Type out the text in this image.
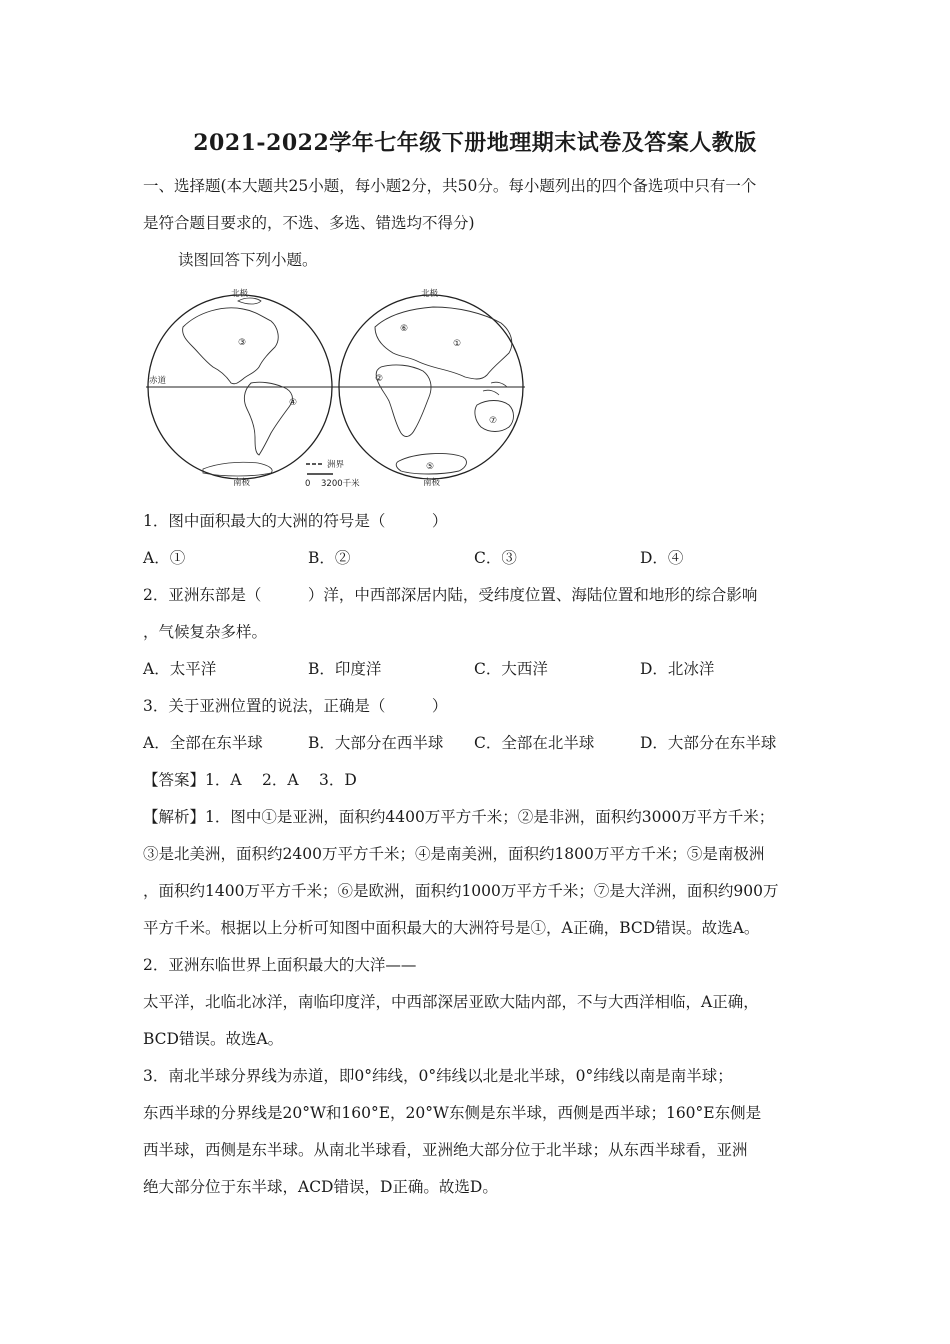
2021-2022学年七年级下册地理期末试卷及答案人教版
一、选择题(本大题共25小题，每小题2分，共50分。每小题列出的四个备选项中只有一个
是符合题目要求的，不选、多选、错选均不得分)
读图回答下列小题。
北极	北极
南极	南极
赤道
①
②
③
④
⑤
⑥
⑦
洲界
0 3200千米
1．图中面积最大的大洲的符号是（　　　）
A．①	B．②	C．③	D．④
2．亚洲东部是（　　　）洋，中西部深居内陆，受纬度位置、海陆位置和地形的综合影响
，气候复杂多样。
A．太平洋	B．印度洋	C．大西洋	D．北冰洋
3．关于亚洲位置的说法，正确是（　　　）
A．全部在东半球	B．大部分在西半球 C．全部在北半球	D．大部分在东半球
【答案】1．A　 2．A　 3．D
【解析】1．图中①是亚洲，面积约4400万平方千米；②是非洲，面积约3000万平方千米；
③是北美洲，面积约2400万平方千米；④是南美洲，面积约1800万平方千米；⑤是南极洲
，面积约1400万平方千米；⑥是欧洲，面积约1000万平方千米；⑦是大洋洲，面积约900万
平方千米。根据以上分析可知图中面积最大的大洲符号是①，A正确，BCD错误。故选A。
2．亚洲东临世界上面积最大的大洋——
太平洋，北临北冰洋，南临印度洋，中西部深居亚欧大陆内部，不与大西洋相临，A正确，
BCD错误。故选A。
3．南北半球分界线为赤道，即0°纬线，0°纬线以北是北半球，0°纬线以南是南半球；
东西半球的分界线是20°W和160°E，20°W东侧是东半球，西侧是西半球；160°E东侧是
西半球，西侧是东半球。从南北半球看，亚洲绝大部分位于北半球；从东西半球看，亚洲
绝大部分位于东半球，ACD错误，D正确。故选D。
